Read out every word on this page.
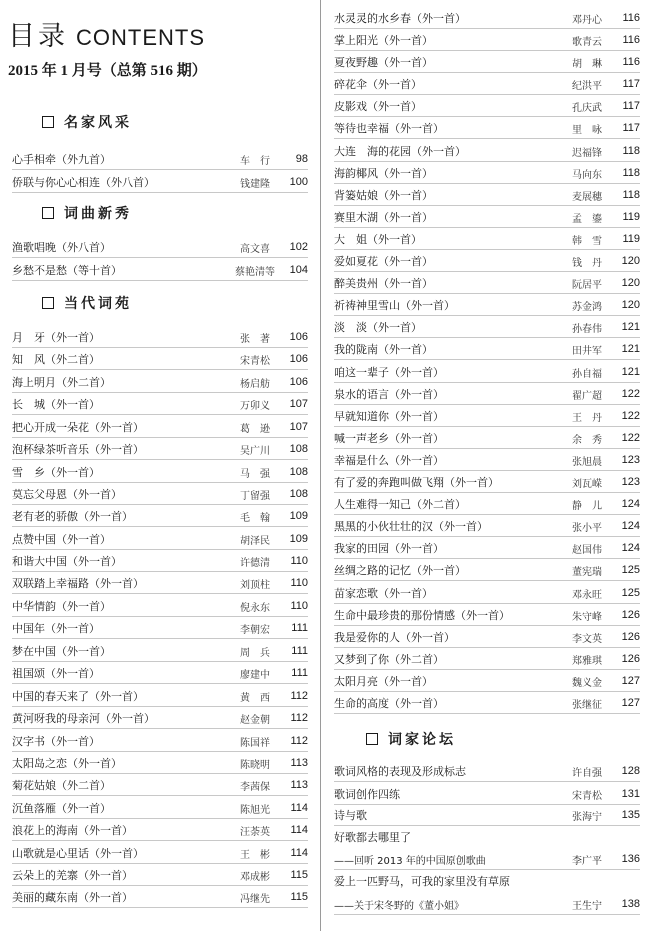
目录 CONTENTS
2015 年 1 月号（总第 516 期）
名家风采
词曲新秀
当代词苑
心手相牵（外九首）	车　行	98
侨联与你心心相连（外八首）	钱建隆	100
渔歌唱晚（外八首）	高文喜	102
乡愁不是愁（等十首）	蔡艳清等	104
月　牙（外一首）	张　著	106
知　风（外二首）	宋青松	106
海上明月（外二首）	杨启舫	106
长　城（外一首）	万卯义	107
把心开成一朵花（外一首）	葛　逊	107
泡杯绿茶听音乐（外一首）	吴广川	108
雪　乡（外一首）	马　强	108
莫忘父母恩（外一首）	丁留强	108
老有老的骄傲（外一首）	毛　翰	109
点赞中国（外一首）	胡泽民	109
和谐大中国（外一首）	许德清	110
双联踏上幸福路（外一首）	刘顶柱	110
中华情韵（外一首）	倪永东	110
中国年（外一首）	李朝宏	111
梦在中国（外一首）	周　兵	111
祖国颂（外一首）	廖建中	111
中国的春天来了（外一首）	黄　西	112
黄河呀我的母亲河（外一首）	赵金朝	112
汉字书（外一首）	陈国祥	112
太阳岛之恋（外一首）	陈晓明	113
菊花姑娘（外二首）	李茜保	113
沉鱼落雁（外一首）	陈旭光	114
浪花上的海南（外一首）	汪荼英	114
山歌就是心里话（外一首）	王　彬	114
云朵上的羌寨（外一首）	邓成彬	115
美丽的藏东南（外一首）	冯继先	115
词家论坛
水灵灵的水乡春（外一首）	邓丹心	116
掌上阳光（外一首）	歌青云	116
夏夜野趣（外一首）	胡　琳	116
碎花伞（外一首）	纪洪平	117
皮影戏（外一首）	孔庆武	117
等待也幸福（外一首）	里　咏	117
大连　海的花园（外一首）	迟福锋	118
海韵椰风（外一首）	马向东	118
背篓姑娘（外一首）	麦展穗	118
赛里木湖（外一首）	孟　鎏	119
大　姐（外一首）	韩　雪	119
爱如夏花（外一首）	钱　丹	120
醉美贵州（外一首）	阮居平	120
祈祷神里雪山（外一首）	苏金鸿	120
淡　淡（外一首）	孙春伟	121
我的陇南（外一首）	田井军	121
咱这一辈子（外一首）	孙自福	121
泉水的语言（外一首）	翟广超	122
早就知道你（外一首）	王　丹	122
喊一声老乡（外一首）	余　秀	122
幸福是什么（外一首）	张旭晨	123
有了爱的奔跑叫做飞翔（外一首）	刘瓦嵘	123
人生难得一知己（外二首）	静　儿	124
黑黑的小伙壮壮的汉（外一首）	张小平	124
我家的田园（外一首）	赵国伟	124
丝绸之路的记忆（外一首）	董宪瑞	125
苗家恋歌（外一首）	邓永旺	125
生命中最珍贵的那份情感（外一首）	朱守峰	126
我是爱你的人（外一首）	李文英	126
又梦到了你（外二首）	郑雅琪	126
太阳月亮（外一首）	魏义金	127
生命的高度（外一首）	张继征	127
歌词风格的表现及形成标志	许自强	128
歌词创作四练	宋青松	131
诗与歌	张海宁	135
好歌都去哪里了
——回听 2013 年的中国原创歌曲	李广平	136
爱上一匹野马，可我的家里没有草原
——关于宋冬野的《董小姐》	王生宁	138
